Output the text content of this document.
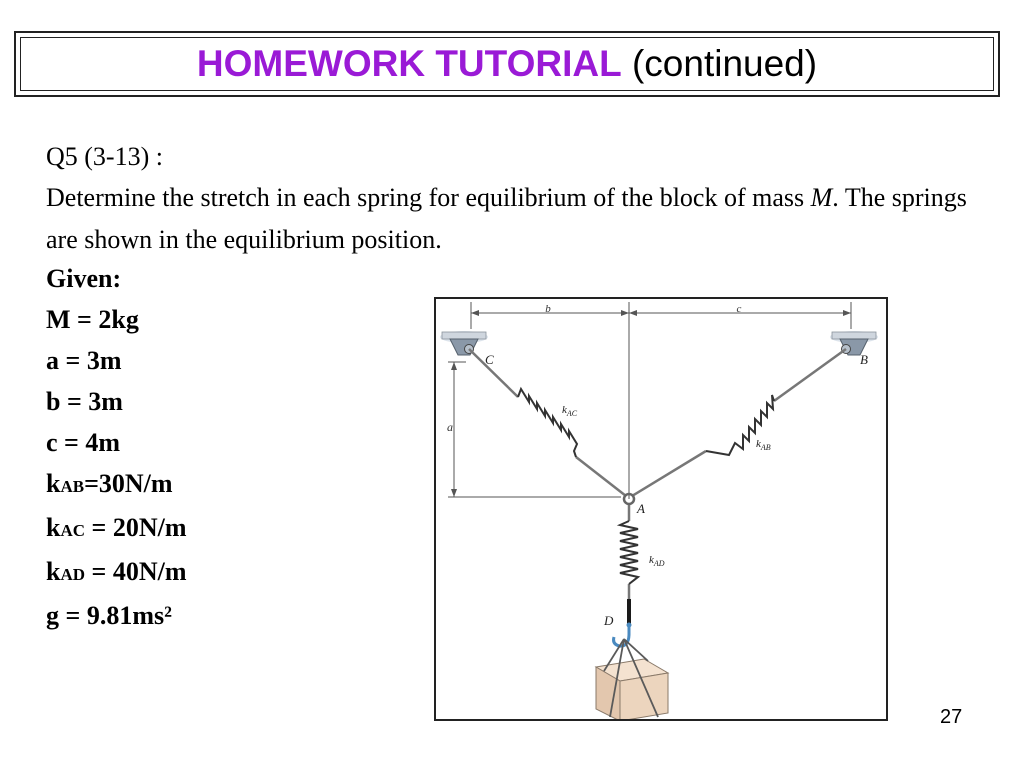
HOMEWORK TUTORIAL (continued)
Q5 (3-13) :

Determine the stretch in each spring for equilibrium of the block of mass M. The springs are shown in the equilibrium position.

Given:
M = 2kg
a = 3m
b = 3m
c = 4m
kAB=30N/m
kAC = 20N/m
kAD = 40N/m
g = 9.81ms²
b	c
a
C	B
$k_{AC}$
$k_{AB}$
$k_{AD}$
A
D
27
